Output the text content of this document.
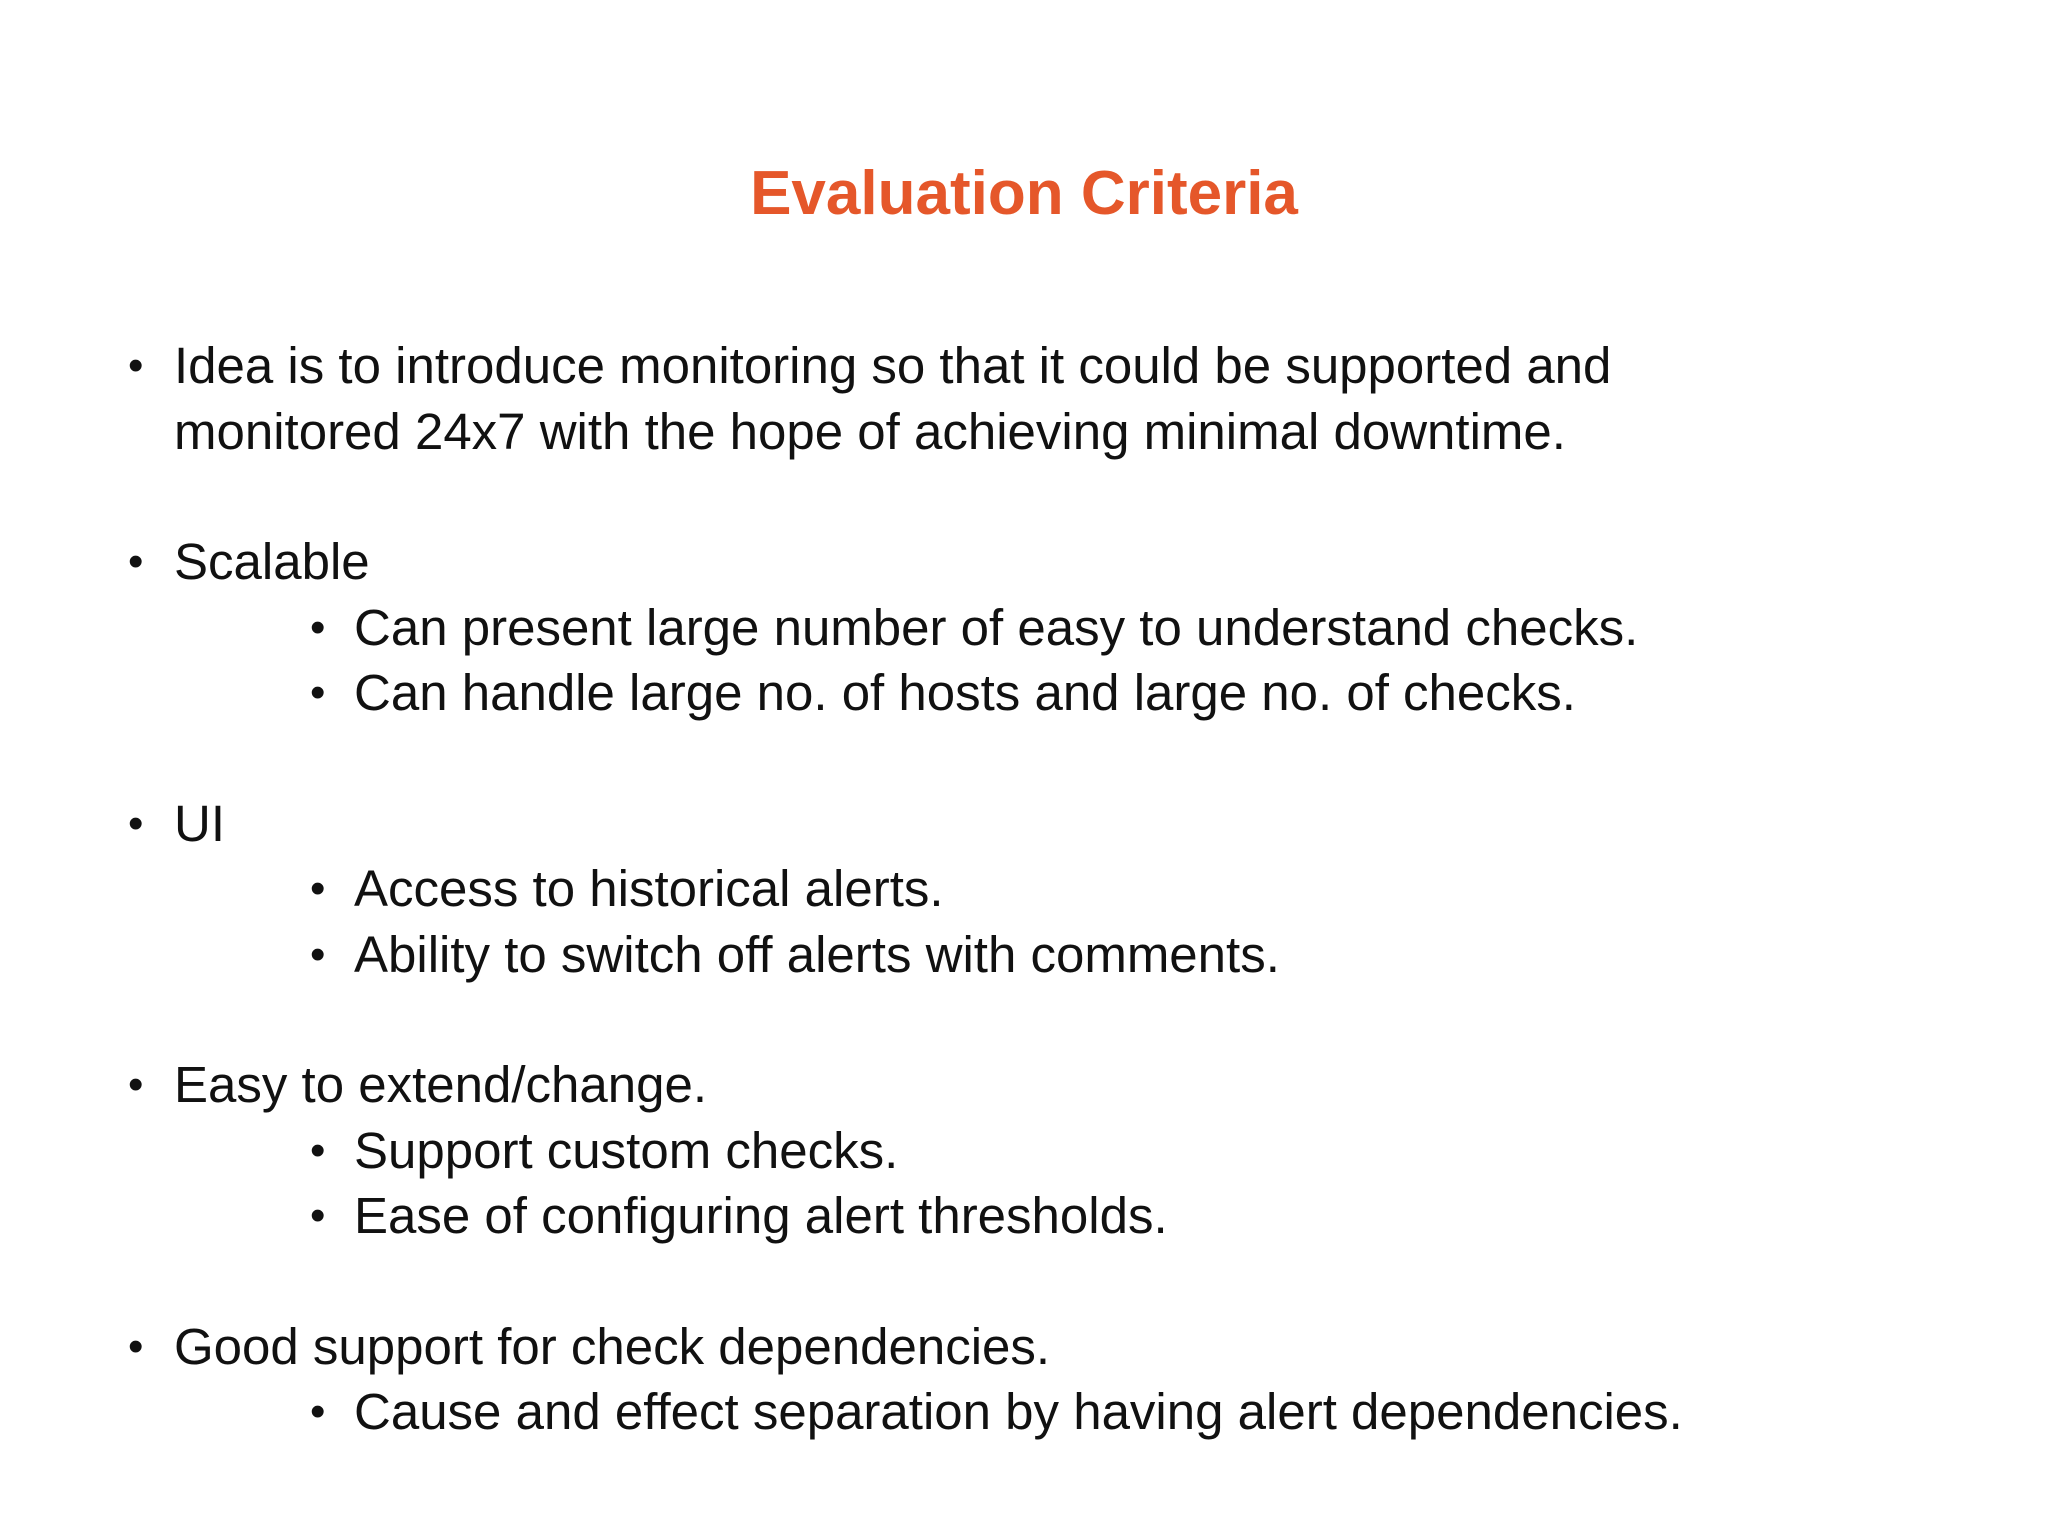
Evaluation Criteria
• Idea is to introduce monitoring so that it could be supported and
monitored 24x7 with the hope of achieving minimal downtime.
• Scalable
• Can present large number of easy to understand checks.
• Can handle large no. of hosts and large no. of checks.
• UI
• Access to historical alerts.
• Ability to switch off alerts with comments.
• Easy to extend/change.
• Support custom checks.
• Ease of configuring alert thresholds.
• Good support for check dependencies.
• Cause and effect separation by having alert dependencies.
